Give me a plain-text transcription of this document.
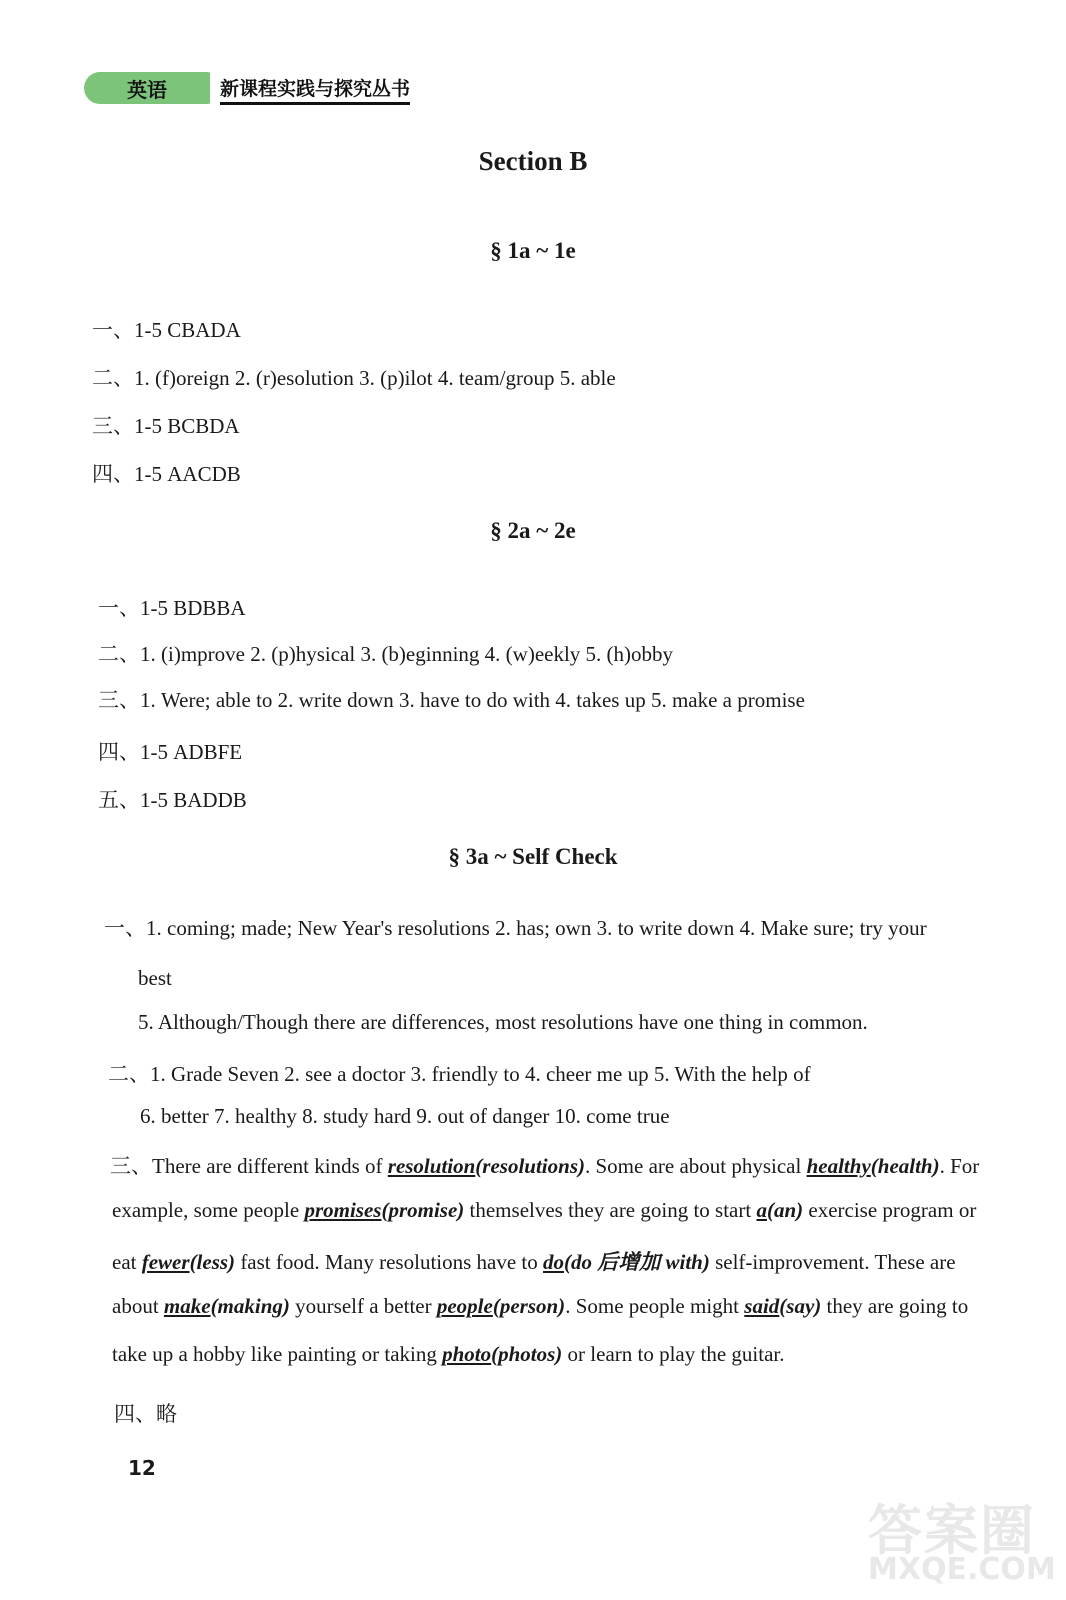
英语	新课程实践与探究丛书
Section B
§ 1a ~ 1e
一、1-5 CBADA
二、1. (f)oreign 2. (r)esolution 3. (p)ilot 4. team/group 5. able
三、1-5 BCBDA
四、1-5 AACDB
§ 2a ~ 2e
一、1-5 BDBBA
二、1. (i)mprove 2. (p)hysical 3. (b)eginning 4. (w)eekly 5. (h)obby
三、1. Were; able to 2. write down 3. have to do with 4. takes up 5. make a promise
四、1-5 ADBFE
五、1-5 BADDB
§ 3a ~ Self Check
一、1. coming; made; New Year's resolutions 2. has; own 3. to write down 4. Make sure; try your
best
5. Although/Though there are differences, most resolutions have one thing in common.
二、1. Grade Seven 2. see a doctor 3. friendly to 4. cheer me up 5. With the help of
6. better 7. healthy 8. study hard 9. out of danger 10. come true
三、There are different kinds of resolution(resolutions). Some are about physical healthy(health). For
example, some people promises(promise) themselves they are going to start a(an) exercise program or
eat fewer(less) fast food. Many resolutions have to do(do 后增加 with) self-improvement. These are
about make(making) yourself a better people(person). Some people might said(say) they are going to
take up a hobby like painting or taking photo(photos) or learn to play the guitar.
四、略
12
答案圈
MXQE.COM
